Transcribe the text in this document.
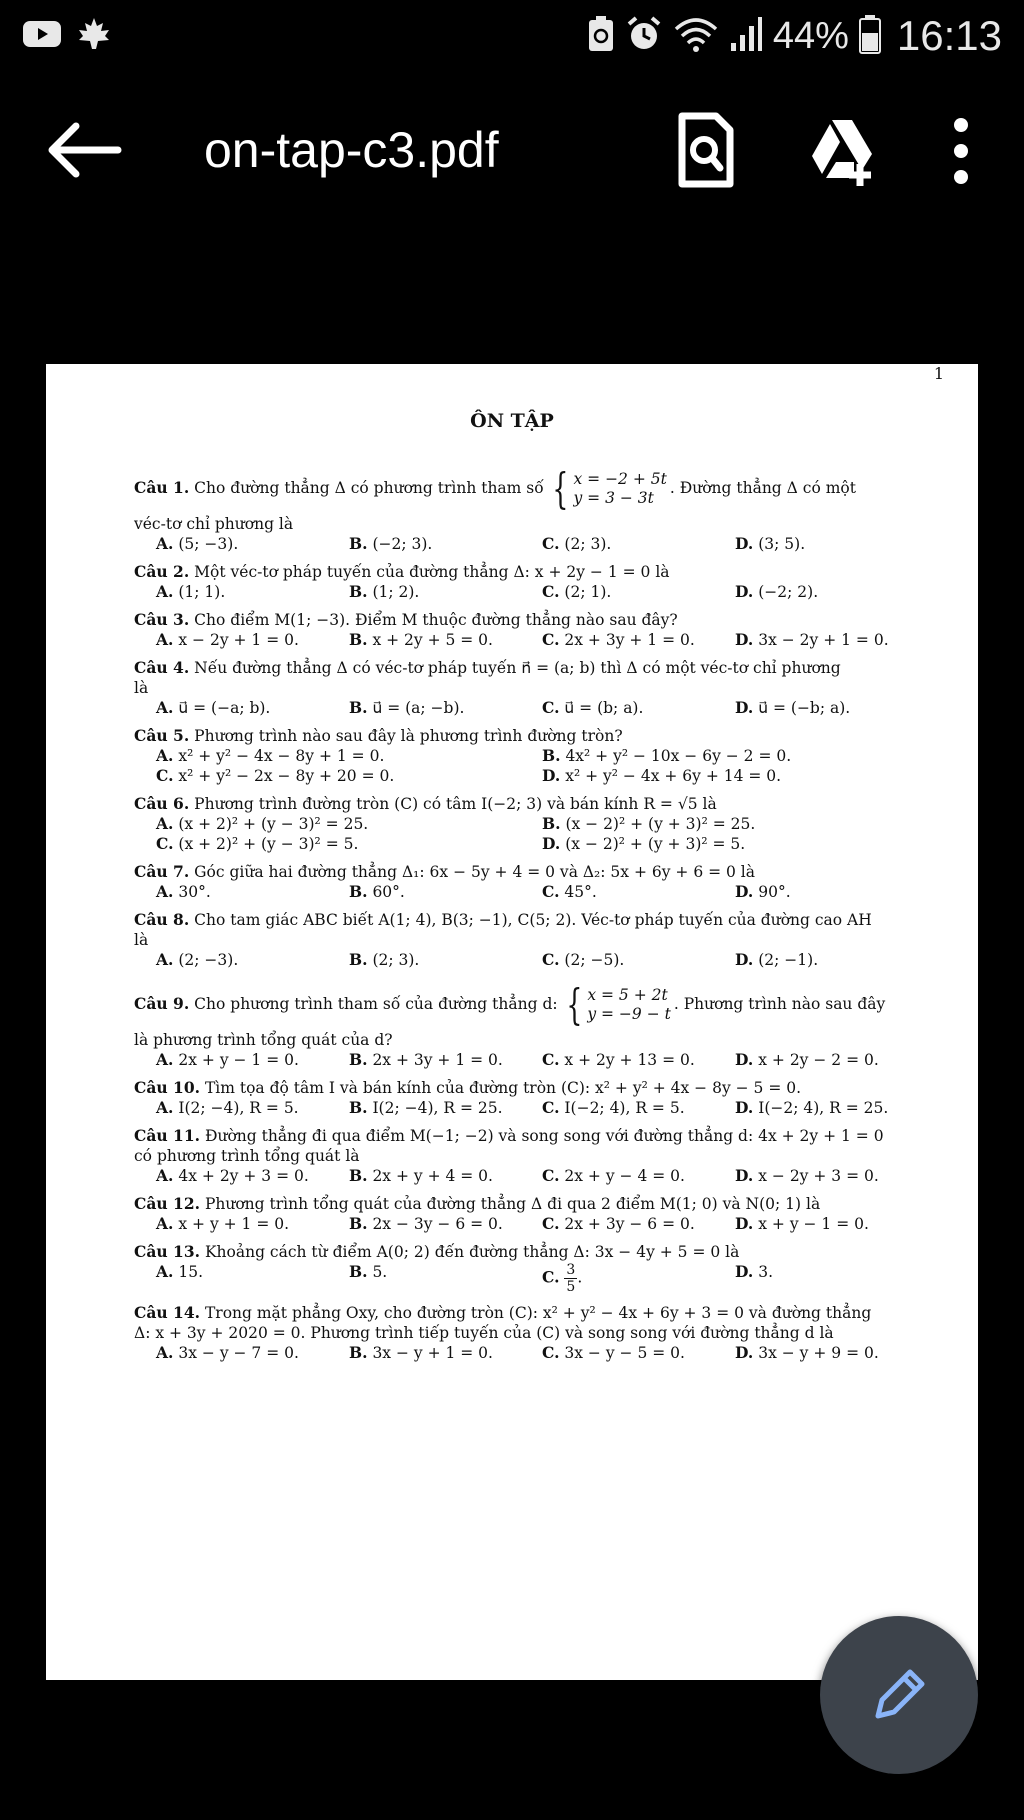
44% 16:13
on-tap-c3.pdf
1
ÔN TẬP
Câu 1. Cho đường thẳng Δ có phương trình tham số { x = −2 + 5t
y = 3 − 3t
. Đường thẳng Δ có một
véc-tơ chỉ phương là
A. (5; −3).	B. (−2; 3).	C. (2; 3).	D. (3; 5).
Câu 2. Một véc-tơ pháp tuyến của đường thẳng Δ: x + 2y − 1 = 0 là
A. (1; 1).	B. (1; 2).	C. (2; 1).	D. (−2; 2).
Câu 3. Cho điểm M(1; −3). Điểm M thuộc đường thẳng nào sau đây?
A. x − 2y + 1 = 0.	B. x + 2y + 5 = 0.	C. 2x + 3y + 1 = 0.	D. 3x − 2y + 1 = 0.
Câu 4. Nếu đường thẳng Δ có véc-tơ pháp tuyến n⃗ = (a; b) thì Δ có một véc-tơ chỉ phương
là
A. u⃗ = (−a; b).	B. u⃗ = (a; −b).	C. u⃗ = (b; a).	D. u⃗ = (−b; a).
Câu 5. Phương trình nào sau đây là phương trình đường tròn?
A. x² + y² − 4x − 8y + 1 = 0.	B. 4x² + y² − 10x − 6y − 2 = 0.
C. x² + y² − 2x − 8y + 20 = 0.	D. x² + y² − 4x + 6y + 14 = 0.
Câu 6. Phương trình đường tròn (C) có tâm I(−2; 3) và bán kính R = √5 là
A. (x + 2)² + (y − 3)² = 25.	B. (x − 2)² + (y + 3)² = 25.
C. (x + 2)² + (y − 3)² = 5.	D. (x − 2)² + (y + 3)² = 5.
Câu 7. Góc giữa hai đường thẳng Δ₁: 6x − 5y + 4 = 0 và Δ₂: 5x + 6y + 6 = 0 là
A. 30°.	B. 60°.	C. 45°.	D. 90°.
Câu 8. Cho tam giác ABC biết A(1; 4), B(3; −1), C(5; 2). Véc-tơ pháp tuyến của đường cao AH
là
A. (2; −3).	B. (2; 3).	C. (2; −5).	D. (2; −1).
Câu 9. Cho phương trình tham số của đường thẳng d: { x = 5 + 2t
y = −9 − t
. Phương trình nào sau đây
là phương trình tổng quát của d?
A. 2x + y − 1 = 0.	B. 2x + 3y + 1 = 0.	C. x + 2y + 13 = 0.	D. x + 2y − 2 = 0.
Câu 10. Tìm tọa độ tâm I và bán kính của đường tròn (C): x² + y² + 4x − 8y − 5 = 0.
A. I(2; −4), R = 5.	B. I(2; −4), R = 25.	C. I(−2; 4), R = 5.	D. I(−2; 4), R = 25.
Câu 11. Đường thẳng đi qua điểm M(−1; −2) và song song với đường thẳng d: 4x + 2y + 1 = 0
có phương trình tổng quát là
A. 4x + 2y + 3 = 0.	B. 2x + y + 4 = 0.	C. 2x + y − 4 = 0.	D. x − 2y + 3 = 0.
Câu 12. Phương trình tổng quát của đường thẳng Δ đi qua 2 điểm M(1; 0) và N(0; 1) là
A. x + y + 1 = 0.	B. 2x − 3y − 6 = 0.	C. 2x + 3y − 6 = 0.	D. x + y − 1 = 0.
Câu 13. Khoảng cách từ điểm A(0; 2) đến đường thẳng Δ: 3x − 4y + 5 = 0 là
A. 15.	B. 5.	C. $\frac{3}{5}$ .	D. 3.
Câu 14. Trong mặt phẳng Oxy, cho đường tròn (C): x² + y² − 4x + 6y + 3 = 0 và đường thẳng
Δ: x + 3y + 2020 = 0. Phương trình tiếp tuyến của (C) và song song với đường thẳng d là
A. 3x − y − 7 = 0.	B. 3x − y + 1 = 0.	C. 3x − y − 5 = 0.	D. 3x − y + 9 = 0.
